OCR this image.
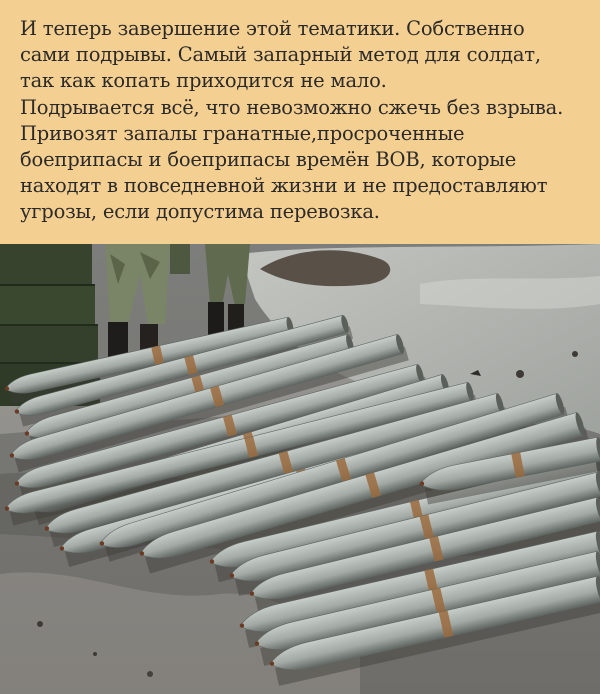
И теперь завершение этой тематики. Собственно

сами подрывы. Самый запарный метод для солдат,

так как копать приходится не мало.

Подрывается всё, что невозможно сжечь без взрыва.

Привозят запалы гранатные,просроченные

боеприпасы и боеприпасы времён ВОВ, которые

находят в повседневной жизни и не предоставляют

угрозы, если допустима перевозка.
